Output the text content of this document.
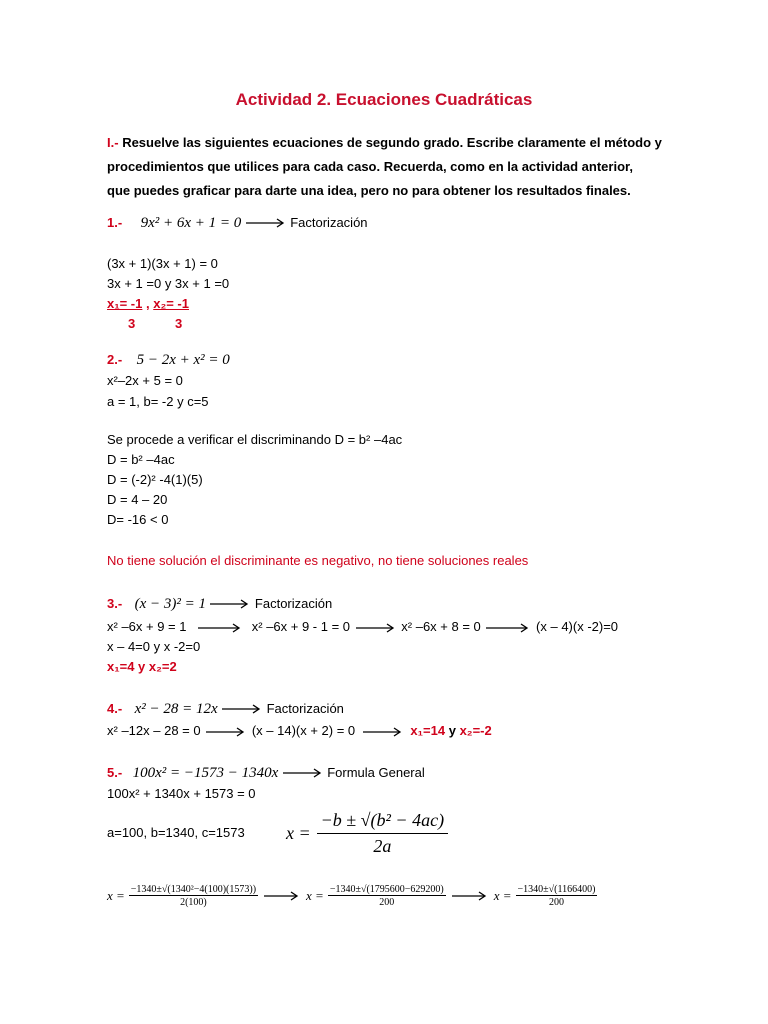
Actividad 2. Ecuaciones Cuadráticas
I.- Resuelve las siguientes ecuaciones de segundo grado. Escribe claramente el método y
procedimientos que utilices para cada caso. Recuerda, como en la actividad anterior,
que puedes graficar para darte una idea, pero no para obtener los resultados finales.
1.- 9x² + 6x + 1 = 0	Factorización
(3x + 1)(3x + 1) = 0
3x + 1 =0 y 3x + 1 =0
x₁= -1 , x₂= -1
3	3
2.- 5 − 2x + x² = 0
x²–2x + 5 = 0
a = 1, b= -2 y c=5
Se procede a verificar el discriminando D = b² –4ac
D = b² –4ac
D = (-2)² -4(1)(5)
D = 4 – 20
D= -16 < 0
No tiene solución el discriminante es negativo, no tiene soluciones reales
3.- (x − 3)² = 1	Factorización
x² –6x + 9 = 1	x² –6x + 9 - 1 = 0	x² –6x + 8 = 0	(x – 4)(x -2)=0
x – 4=0 y x -2=0
x₁=4 y x₂=2
4.- x² − 28 = 12x	Factorización
x² –12x – 28 = 0	(x – 14)(x + 2) = 0	x₁=14 y x₂=-2
5.- 100x² = −1573 − 1340x	Formula General
100x² + 1340x + 1573 = 0
a=100, b=1340, c=1573 $x = \frac{\text{−b ± √(b² − 4ac)}}{2a}$
$x = \frac{\text{−1340±√(1340²−4(100)(1573))}}{2(100)}$	$x = \frac{-1340\pm√(1795600-629200)}{200}$	$x = \frac{-1340\pm√(1166400)}{200}$
